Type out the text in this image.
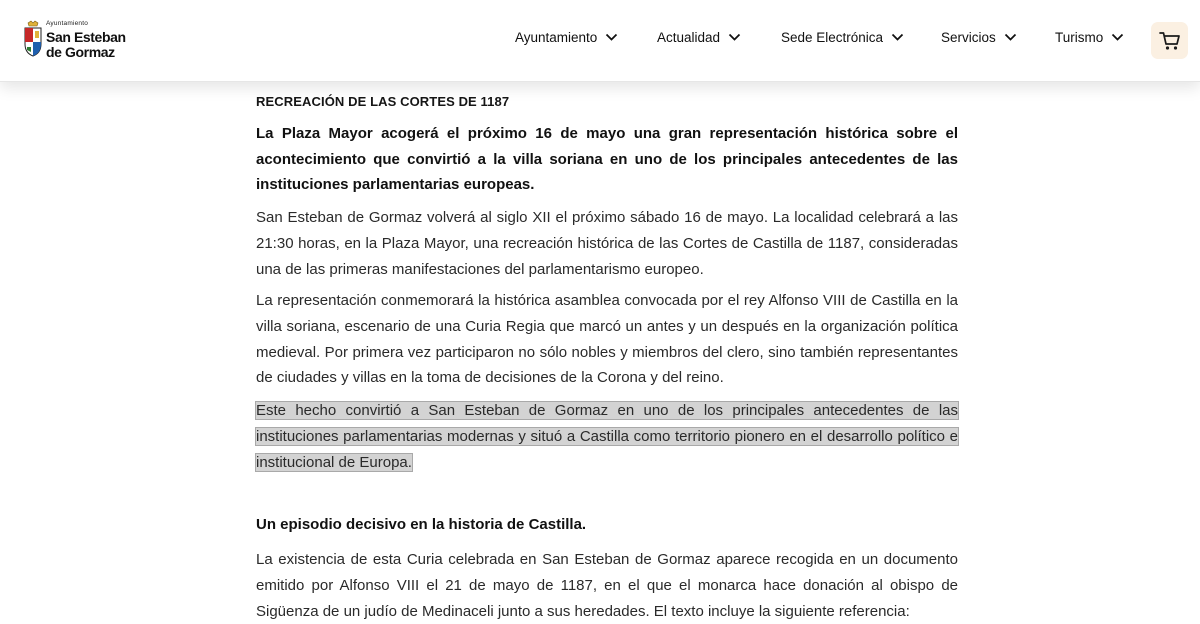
Ayuntamiento
San Esteban
de Gormaz
Ayuntamiento	Actualidad	Sede Electrónica	Servicios	Turismo
RECREACIÓN DE LAS CORTES DE 1187

La Plaza Mayor acogerá el próximo 16 de mayo una gran representación histórica sobre el acontecimiento que convirtió a la villa soriana en uno de los principales antecedentes de las instituciones parlamentarias europeas.

San Esteban de Gormaz volverá al siglo XII el próximo sábado 16 de mayo. La localidad celebrará a las 21:30 horas, en la Plaza Mayor, una recreación histórica de las Cortes de Castilla de 1187, consideradas una de las primeras manifestaciones del parlamentarismo europeo.

La representación conmemorará la histórica asamblea convocada por el rey Alfonso VIII de Castilla en la villa soriana, escenario de una Curia Regia que marcó un antes y un después en la organización política medieval. Por primera vez participaron no sólo nobles y miembros del clero, sino también representantes de ciudades y villas en la toma de decisiones de la Corona y del reino.

Este hecho convirtió a San Esteban de Gormaz en uno de los principales antecedentes de las instituciones parlamentarias modernas y situó a Castilla como territorio pionero en el desarrollo político e institucional de Europa.

Un episodio decisivo en la historia de Castilla.

La existencia de esta Curia celebrada en San Esteban de Gormaz aparece recogida en un documento emitido por Alfonso VIII el 21 de mayo de 1187, en el que el monarca hace donación al obispo de Sigüenza de un judío de Medinaceli junto a sus heredades. El texto incluye la siguiente referencia:
